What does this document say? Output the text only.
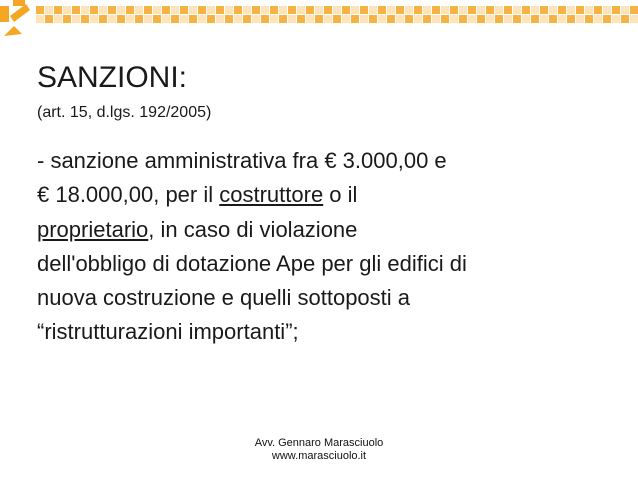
SANZIONI:
(art. 15, d.lgs. 192/2005)
- sanzione amministrativa fra € 3.000,00 e
€ 18.000,00, per il costruttore o il
proprietario, in caso di violazione
dell'obbligo di dotazione Ape per gli edifici di
nuova costruzione e quelli sottoposti a
“ristrutturazioni importanti”;
Avv. Gennaro Marasciuolo
www.marasciuolo.it
